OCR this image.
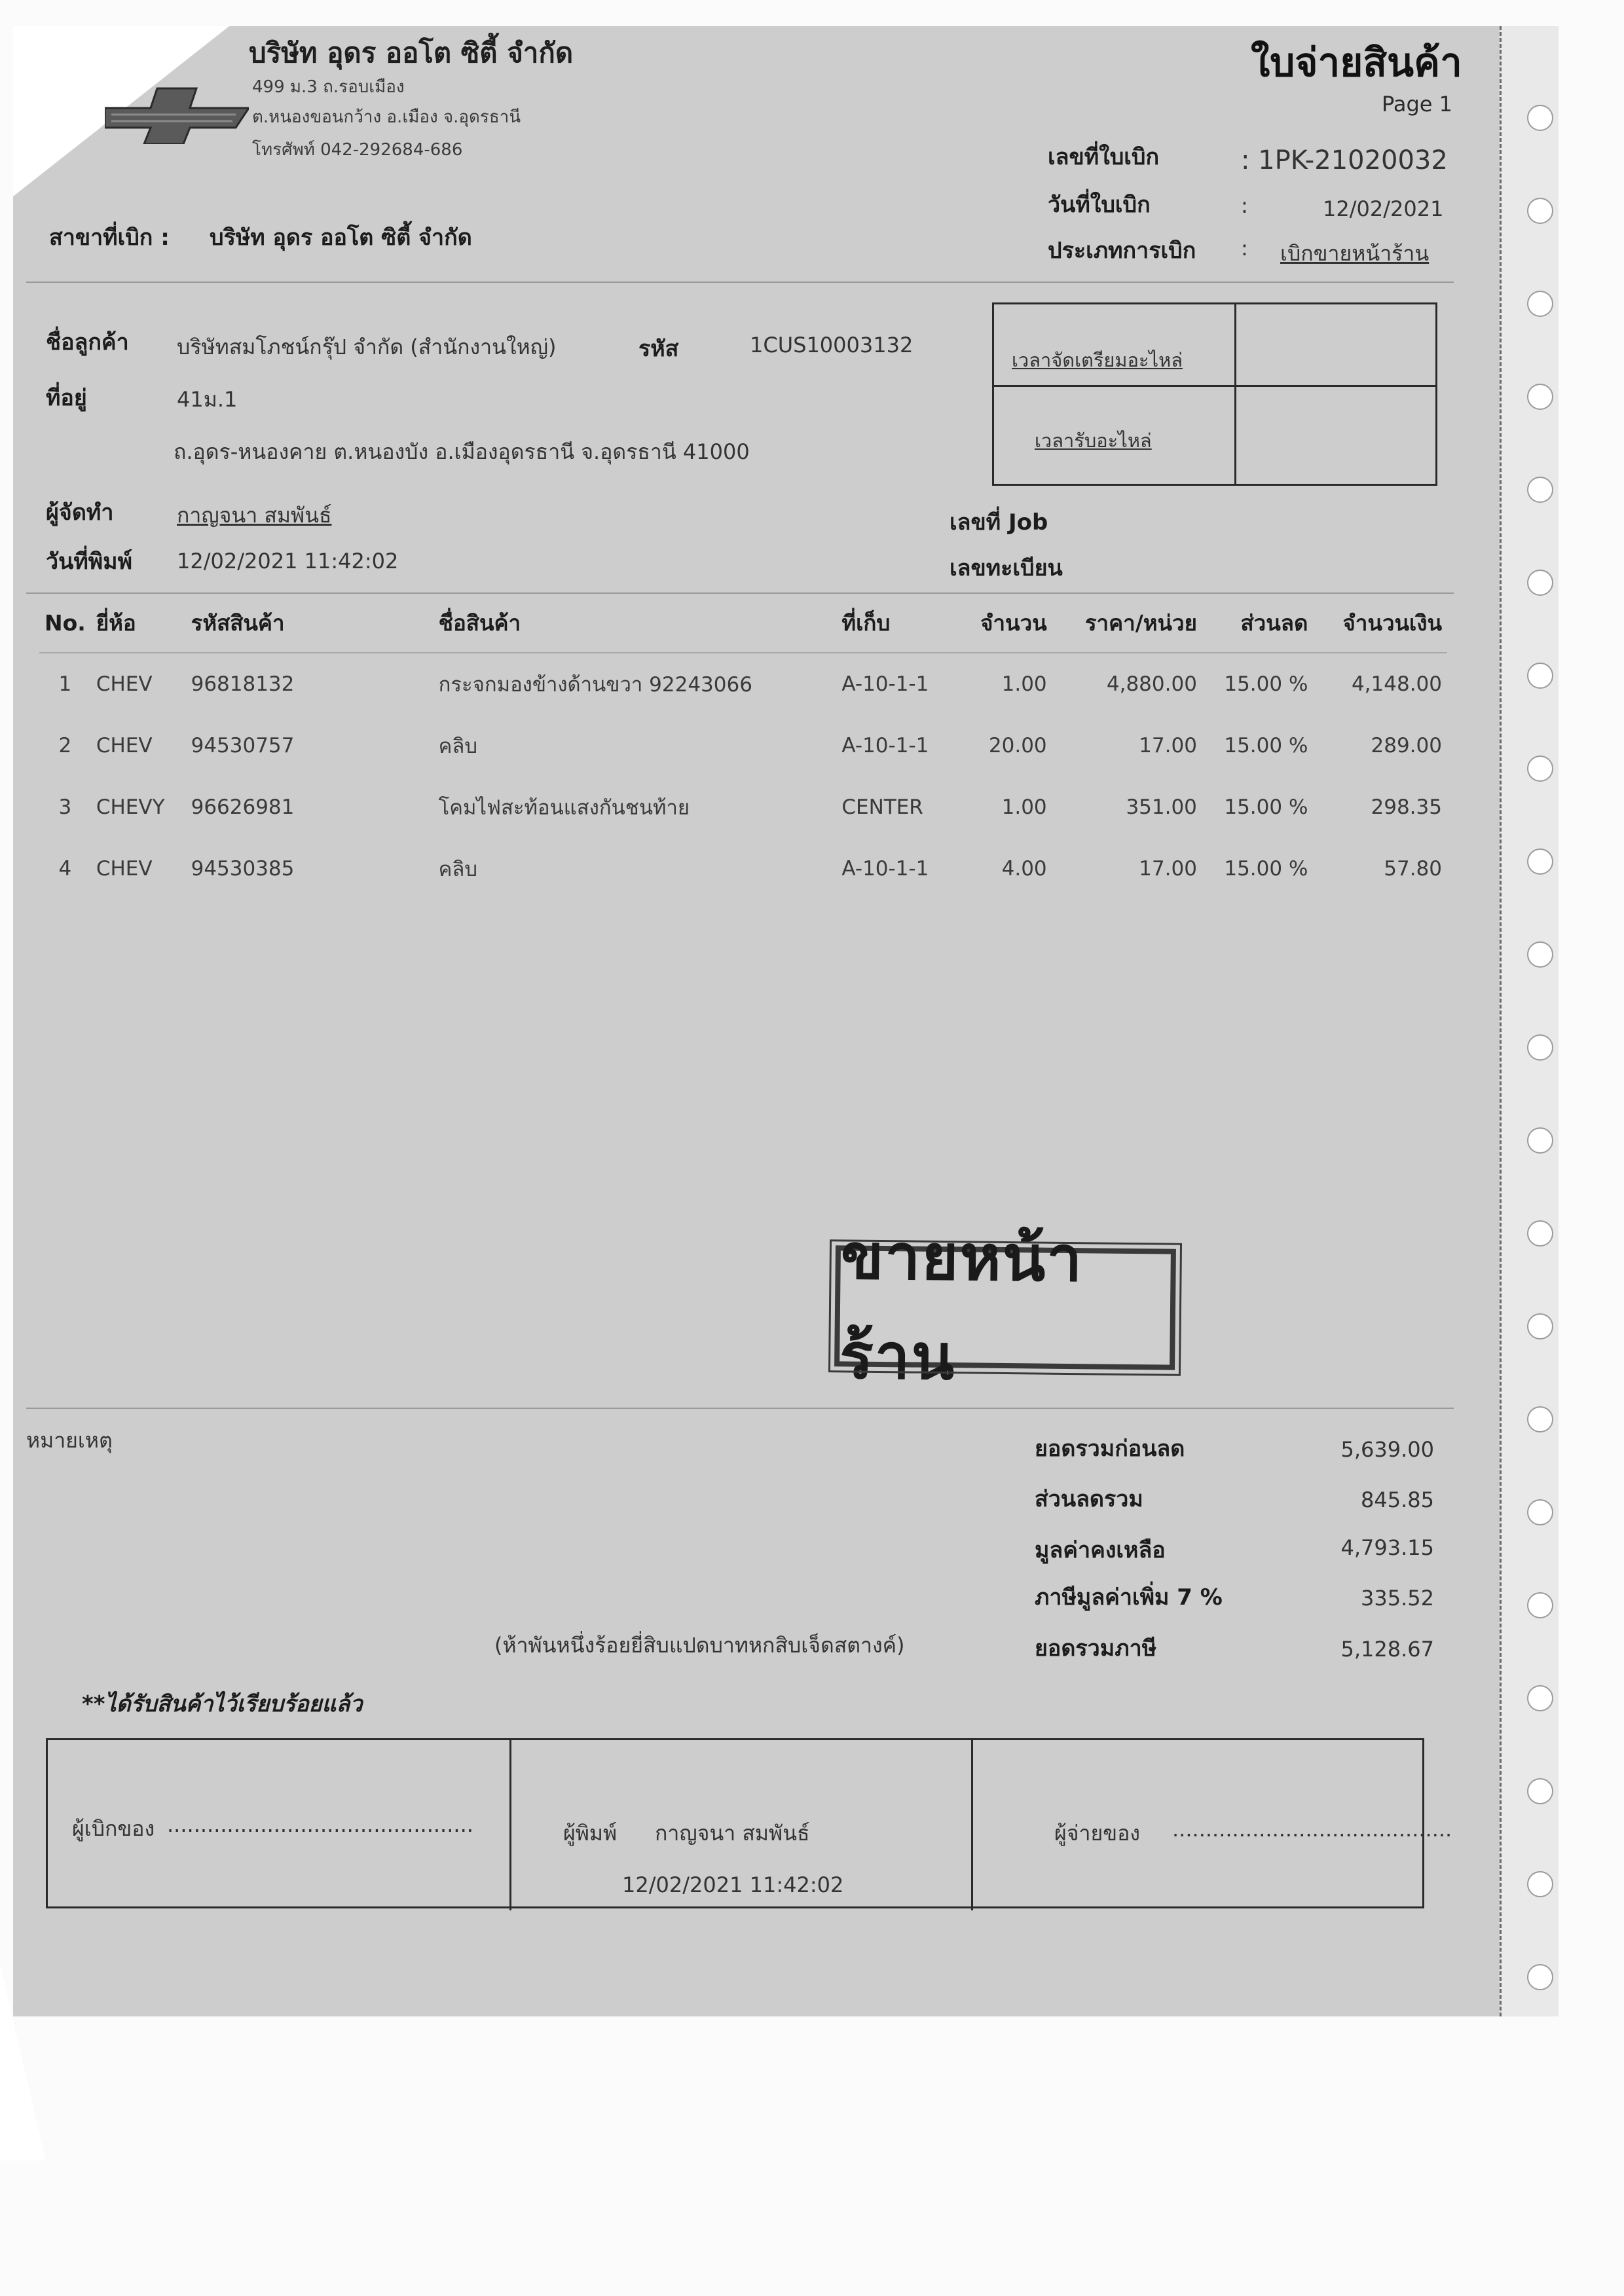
บริษัท อุดร ออโต ซิตี้ จำกัด
499 ม.3 ถ.รอบเมือง
ต.หนองขอนกว้าง อ.เมือง จ.อุดรธานี
โทรศัพท์ 042-292684-686
ใบจ่ายสินค้า
Page 1
เลขที่ใบเบิก	: 1PK-21020032
วันที่ใบเบิก	:	12/02/2021
ประเภทการเบิก : เบิกขายหน้าร้าน
สาขาที่เบิก : บริษัท อุดร ออโต ซิตี้ จำกัด
ชื่อลูกค้า บริษัทสมโภชน์กรุ๊ป จำกัด (สำนักงานใหญ่)	รหัส	1CUS10003132
ที่อยู่	41ม.1
ถ.อุดร-หนองคาย ต.หนองบัง อ.เมืองอุดรธานี จ.อุดรธานี 41000
เวลาจัดเตรียมอะไหล่
เวลารับอะไหล่
ผู้จัดทำ	กาญจนา สมพันธ์
วันที่พิมพ์ 12/02/2021 11:42:02
เลขที่ Job
เลขทะเบียน
No.	ยี่ห้อ	รหัสสินค้า	ชื่อสินค้า	ที่เก็บ	จำนวน	ราคา/หน่วย	ส่วนลด	จำนวนเงิน
1	CHEV	96818132	กระจกมองข้างด้านขวา 92243066	A-10-1-1	1.00	4,880.00	15.00 %	4,148.00
2	CHEV	94530757	คลิบ	A-10-1-1	20.00	17.00	15.00 %	289.00
3	CHEVY	96626981	โคมไฟสะท้อนแสงกันชนท้าย	CENTER	1.00	351.00	15.00 %	298.35
4	CHEV	94530385	คลิบ	A-10-1-1	4.00	17.00	15.00 %	57.80
ขายหน้าร้าน
หมายเหตุ	ยอดรวมก่อนลด	5,639.00
ส่วนลดรวม	845.85
มูลค่าคงเหลือ	4,793.15
ภาษีมูลค่าเพิ่ม 7 %	335.52
ยอดรวมภาษี	5,128.67
(ห้าพันหนึ่งร้อยยี่สิบแปดบาทหกสิบเจ็ดสตางค์)
**ได้รับสินค้าไว้เรียบร้อยแล้ว
ผู้เบิกของ ..............................................	ผู้พิมพ์ กาญจนา สมพันธ์
12/02/2021 11:42:02
ผู้จ่ายของ ..........................................
